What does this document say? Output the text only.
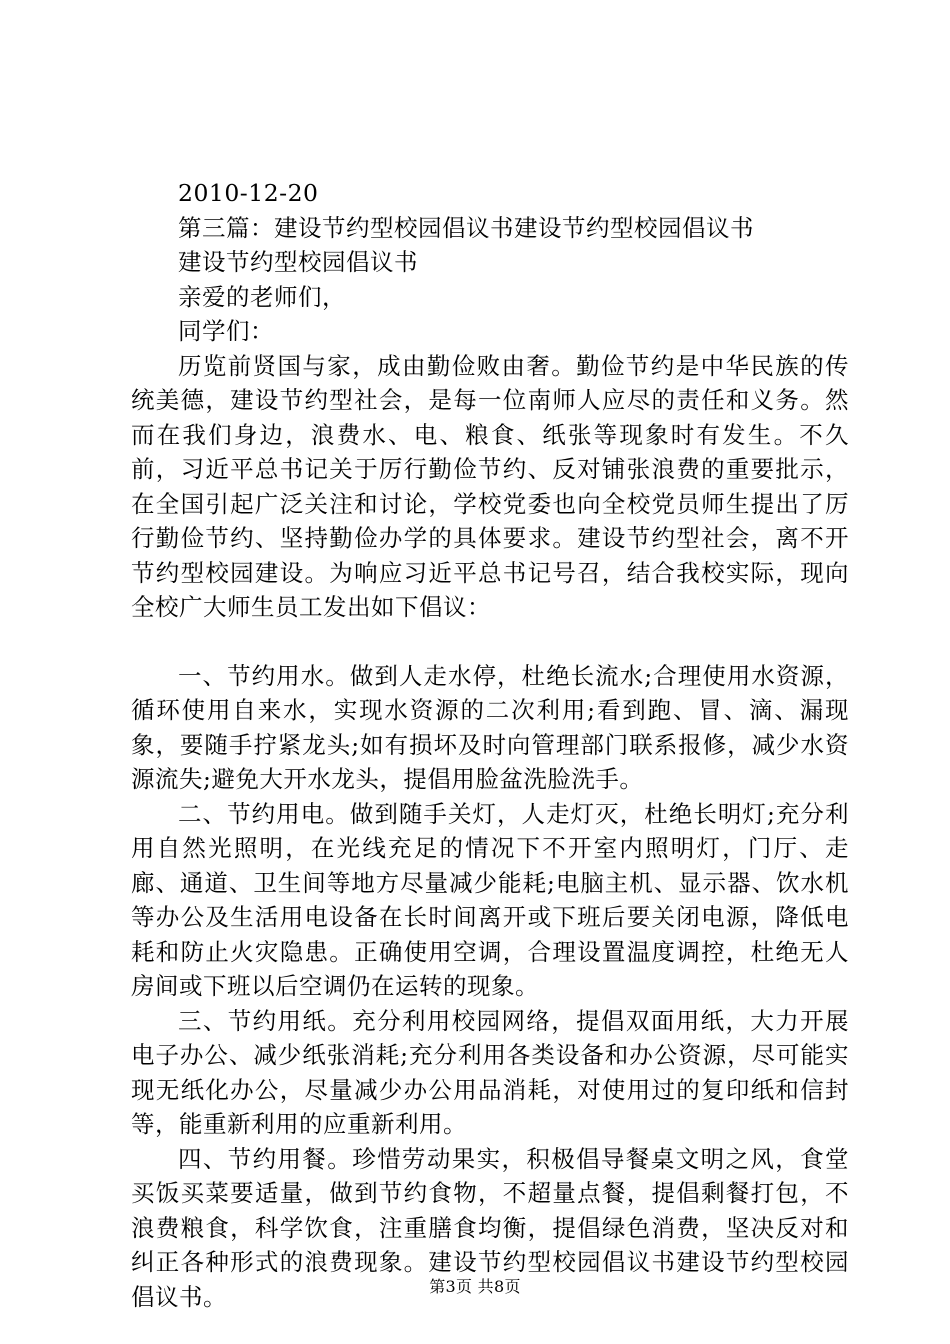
2010-12-20
第三篇：建设节约型校园倡议书建设节约型校园倡议书
建设节约型校园倡议书
亲爱的老师们，
同学们：

历览前贤国与家，成由勤俭败由奢。勤俭节约是中华民族的传统美德，建设节约型社会，是每一位南师人应尽的责任和义务。然而在我们身边，浪费水、电、粮食、纸张等现象时有发生。不久前，习近平总书记关于厉行勤俭节约、反对铺张浪费的重要批示，在全国引起广泛关注和讨论，学校党委也向全校党员师生提出了厉行勤俭节约、坚持勤俭办学的具体要求。建设节约型社会，离不开节约型校园建设。为响应习近平总书记号召，结合我校实际，现向全校广大师生员工发出如下倡议：

一、节约用水。做到人走水停，杜绝长流水;合理使用水资源，循环使用自来水，实现水资源的二次利用;看到跑、冒、滴、漏现象，要随手拧紧龙头;如有损坏及时向管理部门联系报修，减少水资源流失;避免大开水龙头，提倡用脸盆洗脸洗手。

二、节约用电。做到随手关灯，人走灯灭，杜绝长明灯;充分利用自然光照明，在光线充足的情况下不开室内照明灯，门厅、走廊、通道、卫生间等地方尽量减少能耗;电脑主机、显示器、饮水机等办公及生活用电设备在长时间离开或下班后要关闭电源，降低电耗和防止火灾隐患。正确使用空调，合理设置温度调控，杜绝无人房间或下班以后空调仍在运转的现象。

三、节约用纸。充分利用校园网络，提倡双面用纸，大力开展电子办公、减少纸张消耗;充分利用各类设备和办公资源，尽可能实现无纸化办公，尽量减少办公用品消耗，对使用过的复印纸和信封等，能重新利用的应重新利用。

四、节约用餐。珍惜劳动果实，积极倡导餐桌文明之风，食堂买饭买菜要适量，做到节约食物，不超量点餐，提倡剩餐打包，不浪费粮食，科学饮食，注重膳食均衡，提倡绿色消费，坚决反对和纠正各种形式的浪费现象。建设节约型校园倡议书建设节约型校园倡议书。	第3页 共8页
